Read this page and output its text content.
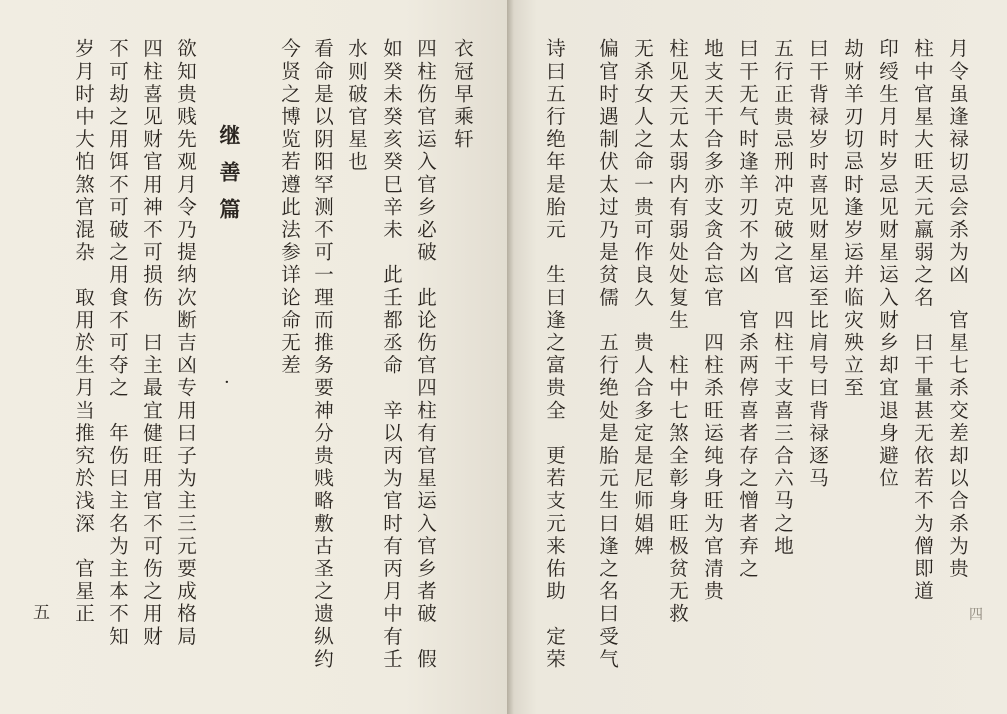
月令虽逢禄切忌会杀为凶　官星七杀交差却以合杀为贵
柱中官星大旺天元羸弱之名　曰干量甚无依若不为僧即道
印绶生月时岁忌见财星运入财乡却宜退身避位
劫财羊刃切忌时逢岁运并临灾殃立至
曰干背禄岁时喜见财星运至比肩号曰背禄逐马
五行正贵忌刑冲克破之官　四柱干支喜三合六马之地
曰干无气时逢羊刃不为凶　官杀两停喜者存之憎者弃之
地支天干合多亦支贪合忘官　四柱杀旺运纯身旺为官清贵
柱见天元太弱内有弱处处复生　柱中七煞全彰身旺极贫无救
无杀女人之命一贵可作良久　贵人合多定是尼师娼婢
偏官时遇制伏太过乃是贫儒　五行绝处是胎元生曰逢之名曰受气
诗曰五行绝年是胎元　生曰逢之富贵全　更若支元来佑助　定荣	四
衣冠早乘轩
四柱伤官运入官乡必破　此论伤官四柱有官星运入官乡者破　假
如癸未癸亥癸巳辛未　此壬都丞命　辛以丙为官时有丙月中有壬
水则破官星也
看命是以阴阳罕测不可一理而推务要神分贵贱略敷古圣之遗纵约
今贤之博览若遵此法参详论命无差
继善篇
·
欲知贵贱先观月令乃提纳次断吉凶专用曰子为主三元要成格局
四柱喜见财官用神不可损伤　曰主最宜健旺用官不可伤之用财
不可劫之用饵不可破之用食不可夺之　年伤曰主名为主本不知
岁月时中大怕煞官混杂　取用於生月当推究於浅深　官星正
五
